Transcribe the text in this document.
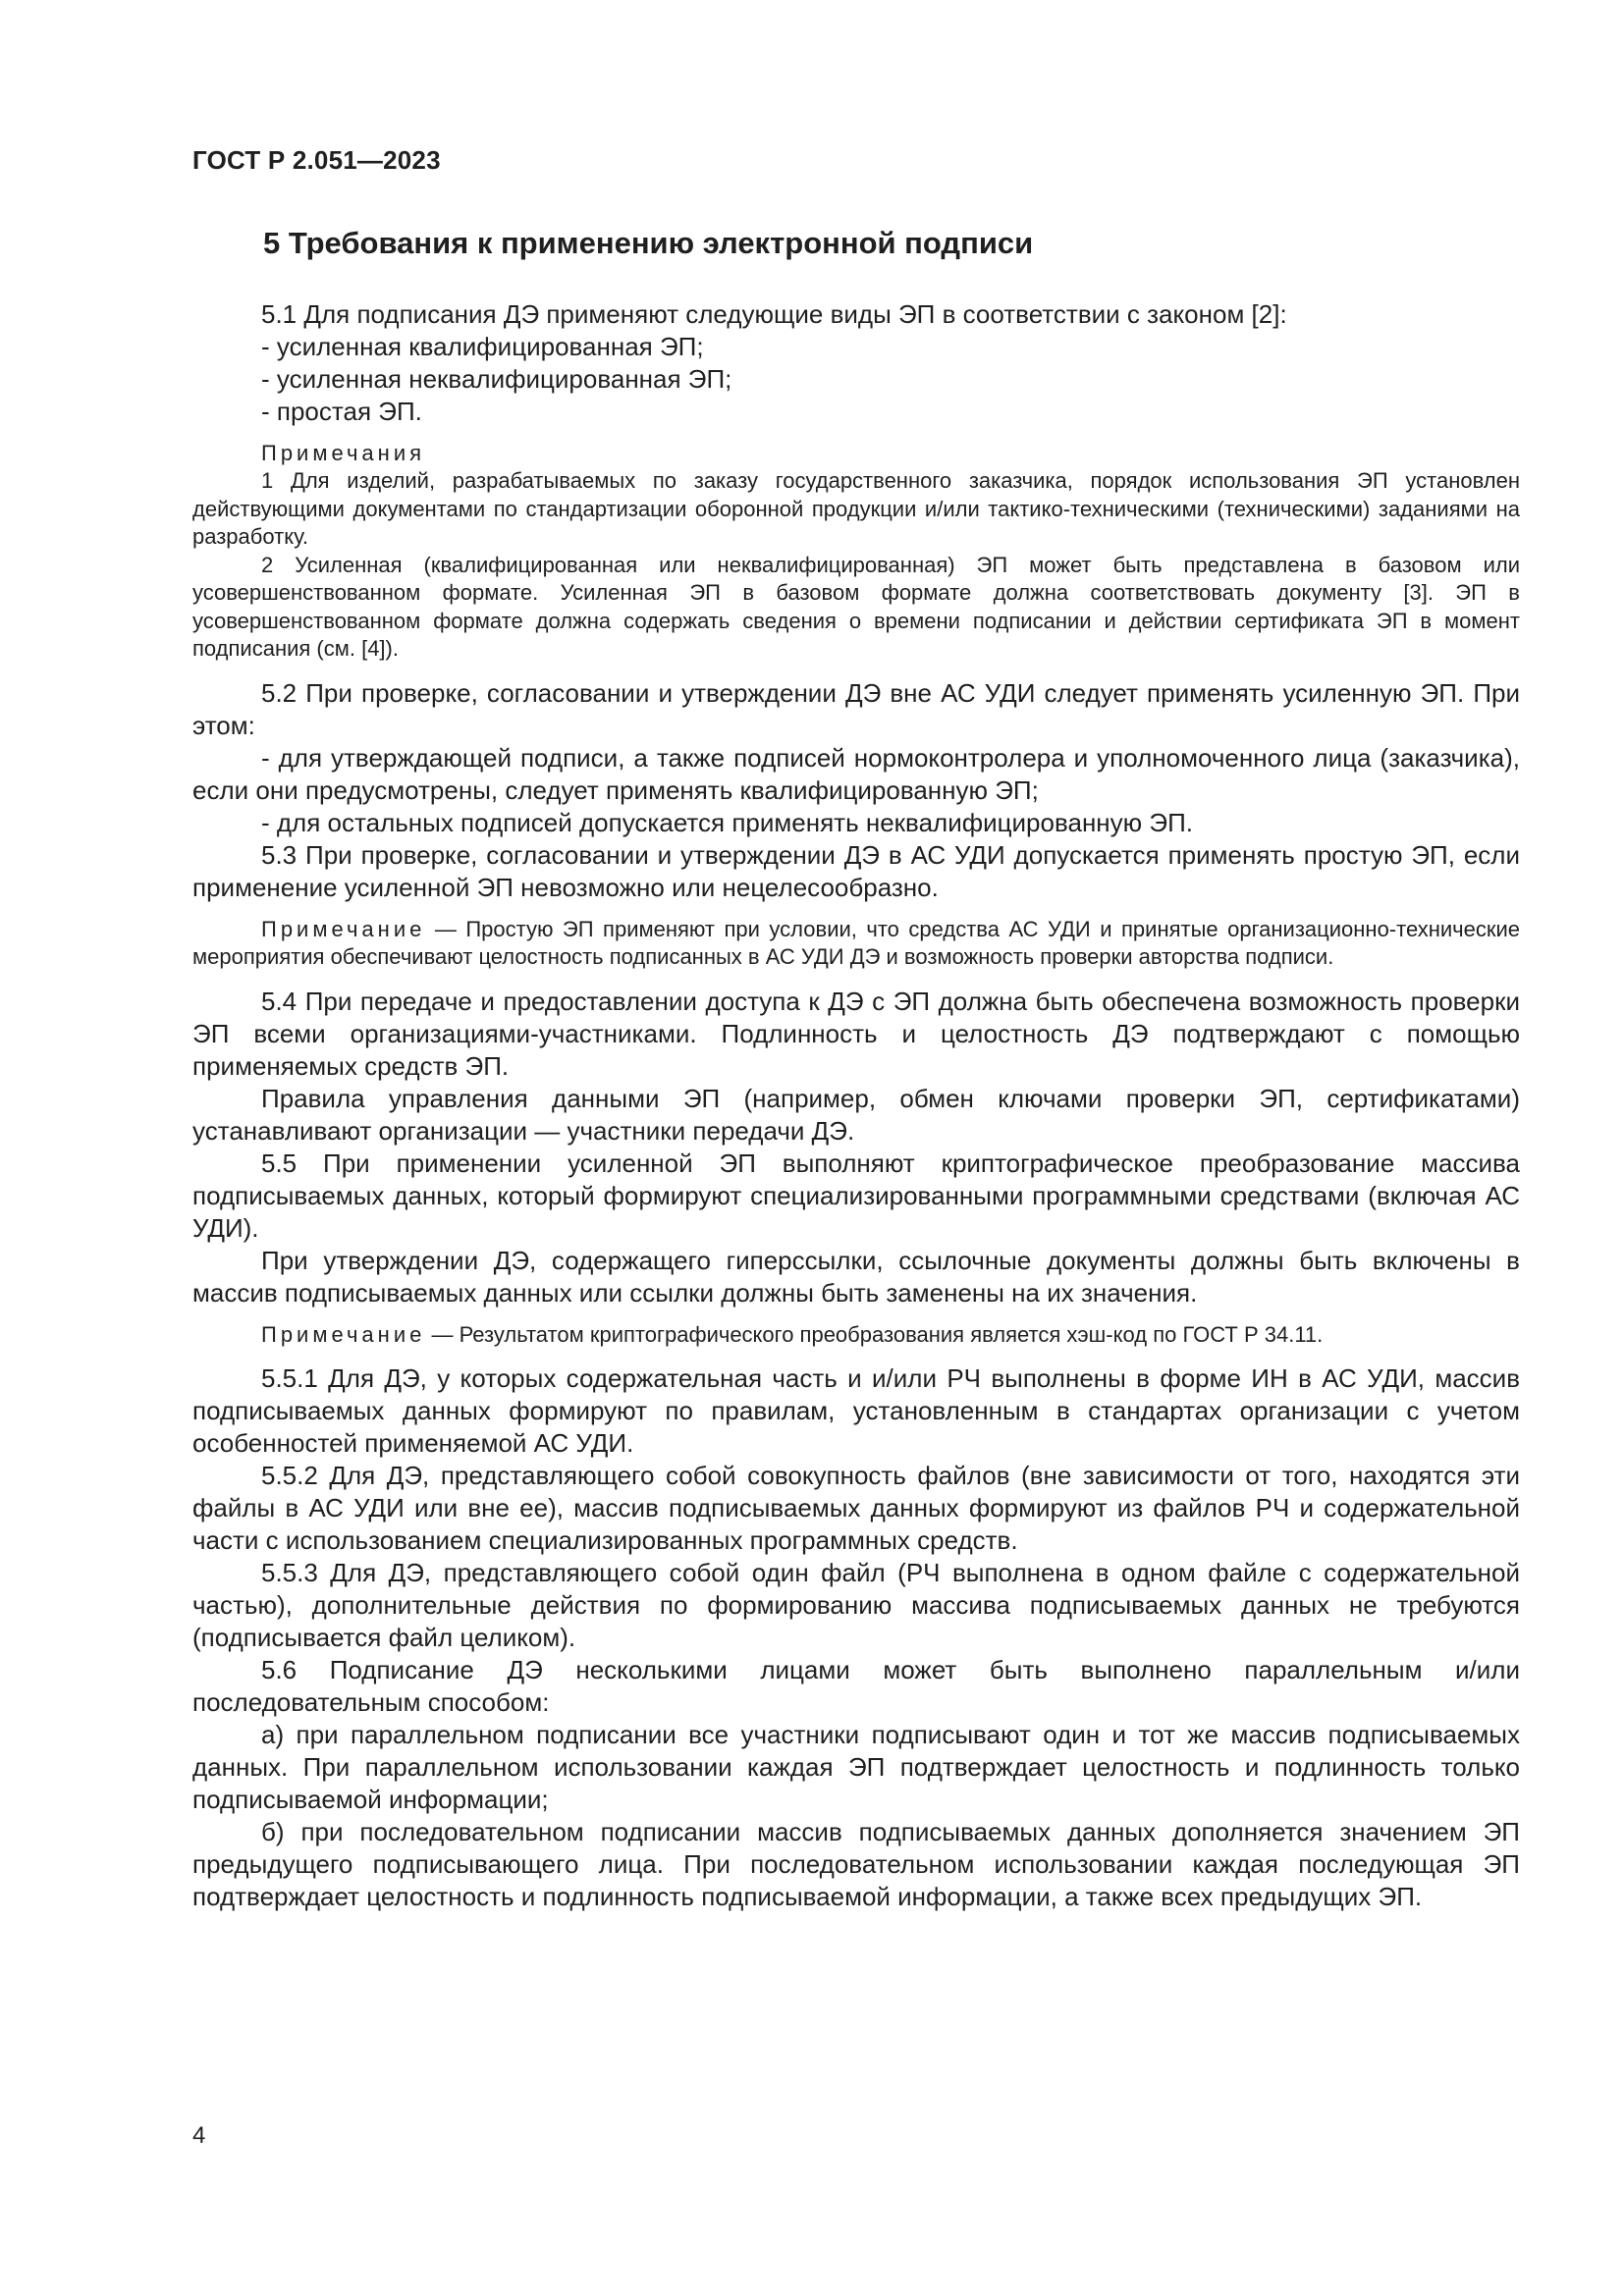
ГОСТ Р 2.051—2023
5 Требования к применению электронной подписи

5.1 Для подписания ДЭ применяют следующие виды ЭП в соответствии с законом [2]:

- усиленная квалифицированная ЭП;

- усиленная неквалифицированная ЭП;

- простая ЭП.

Примечания

1 Для изделий, разрабатываемых по заказу государственного заказчика, порядок использования ЭП установлен действующими документами по стандартизации оборонной продукции и/или тактико-техническими (техническими) заданиями на разработку.

2 Усиленная (квалифицированная или неквалифицированная) ЭП может быть представлена в базовом или усовершенствованном формате. Усиленная ЭП в базовом формате должна соответствовать документу [3]. ЭП в усовершенствованном формате должна содержать сведения о времени подписании и действии сертификата ЭП в момент подписания (см. [4]).

5.2 При проверке, согласовании и утверждении ДЭ вне АС УДИ следует применять усиленную ЭП. При этом:

- для утверждающей подписи, а также подписей нормоконтролера и уполномоченного лица (заказчика), если они предусмотрены, следует применять квалифицированную ЭП;

- для остальных подписей допускается применять неквалифицированную ЭП.

5.3 При проверке, согласовании и утверждении ДЭ в АС УДИ допускается применять простую ЭП, если применение усиленной ЭП невозможно или нецелесообразно.

Примечание — Простую ЭП применяют при условии, что средства АС УДИ и принятые организационно-технические мероприятия обеспечивают целостность подписанных в АС УДИ ДЭ и возможность проверки авторства подписи.

5.4 При передаче и предоставлении доступа к ДЭ с ЭП должна быть обеспечена возможность проверки ЭП всеми организациями-участниками. Подлинность и целостность ДЭ подтверждают с помощью применяемых средств ЭП.

Правила управления данными ЭП (например, обмен ключами проверки ЭП, сертификатами) устанавливают организации — участники передачи ДЭ.

5.5 При применении усиленной ЭП выполняют криптографическое преобразование массива подписываемых данных, который формируют специализированными программными средствами (включая АС УДИ).

При утверждении ДЭ, содержащего гиперссылки, ссылочные документы должны быть включены в массив подписываемых данных или ссылки должны быть заменены на их значения.

Примечание — Результатом криптографического преобразования является хэш-код по ГОСТ Р 34.11.

5.5.1 Для ДЭ, у которых содержательная часть и и/или РЧ выполнены в форме ИН в АС УДИ, массив подписываемых данных формируют по правилам, установленным в стандартах организации с учетом особенностей применяемой АС УДИ.

5.5.2 Для ДЭ, представляющего собой совокупность файлов (вне зависимости от того, находятся эти файлы в АС УДИ или вне ее), массив подписываемых данных формируют из файлов РЧ и содержательной части с использованием специализированных программных средств.

5.5.3 Для ДЭ, представляющего собой один файл (РЧ выполнена в одном файле с содержательной частью), дополнительные действия по формированию массива подписываемых данных не требуются (подписывается файл целиком).

5.6 Подписание ДЭ несколькими лицами может быть выполнено параллельным и/или последовательным способом:

а) при параллельном подписании все участники подписывают один и тот же массив подписываемых данных. При параллельном использовании каждая ЭП подтверждает целостность и подлинность только подписываемой информации;

б) при последовательном подписании массив подписываемых данных дополняется значением ЭП предыдущего подписывающего лица. При последовательном использовании каждая последующая ЭП подтверждает целостность и подлинность подписываемой информации, а также всех предыдущих ЭП.

4
